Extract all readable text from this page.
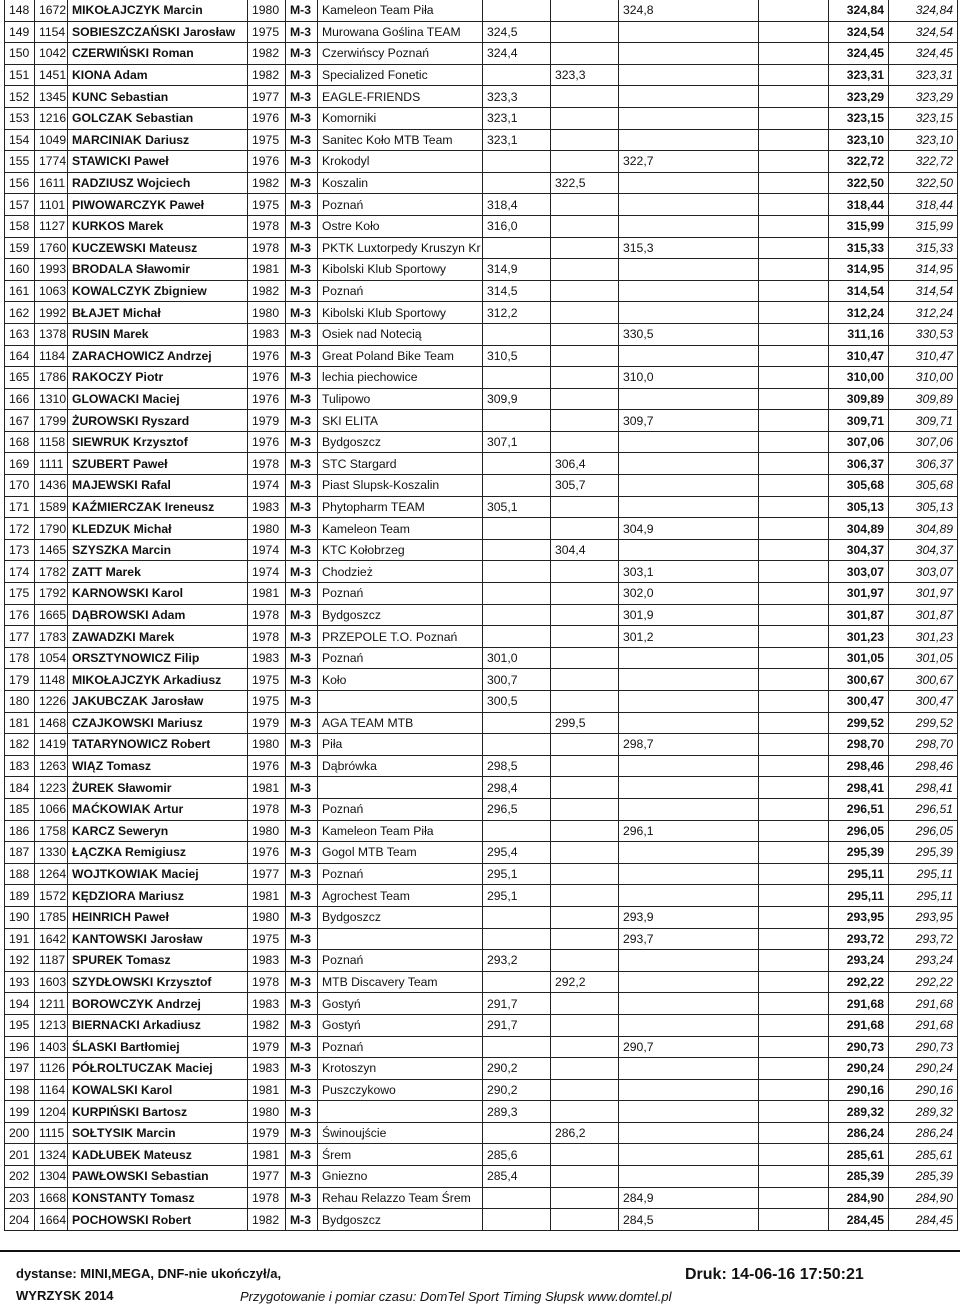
148	1672	MIKOŁAJCZYK Marcin	1980	M-3	Kameleon Team Piła			324,8		324,84	324,84
149	1154	SOBIESZCZAŃSKI Jarosław	1975	M-3	Murowana Goślina TEAM	324,5				324,54	324,54
150	1042	CZERWIŃSKI Roman	1982	M-3	Czerwińscy Poznań	324,4				324,45	324,45
151	1451	KIONA Adam	1982	M-3	Specialized Fonetic		323,3			323,31	323,31
152	1345	KUNC Sebastian	1977	M-3	EAGLE-FRIENDS	323,3				323,29	323,29
153	1216	GOLCZAK Sebastian	1976	M-3	Komorniki	323,1				323,15	323,15
154	1049	MARCINIAK Dariusz	1975	M-3	Sanitec Koło MTB Team	323,1				323,10	323,10
155	1774	STAWICKI Paweł	1976	M-3	Krokodyl			322,7		322,72	322,72
156	1611	RADZIUSZ Wojciech	1982	M-3	Koszalin		322,5			322,50	322,50
157	1101	PIWOWARCZYK Paweł	1975	M-3	Poznań	318,4				318,44	318,44
158	1127	KURKOS Marek	1978	M-3	Ostre Koło	316,0				315,99	315,99
159	1760	KUCZEWSKI Mateusz	1978	M-3	PKTK Luxtorpedy Kruszyn Kr			315,3		315,33	315,33
160	1993	BRODALA Sławomir	1981	M-3	Kibolski Klub Sportowy	314,9				314,95	314,95
161	1063	KOWALCZYK Zbigniew	1982	M-3	Poznań	314,5				314,54	314,54
162	1992	BŁAJET Michał	1980	M-3	Kibolski Klub Sportowy	312,2				312,24	312,24
163	1378	RUSIN Marek	1983	M-3	Osiek nad Notecią			330,5		311,16	330,53
164	1184	ZARACHOWICZ Andrzej	1976	M-3	Great Poland Bike Team	310,5				310,47	310,47
165	1786	RAKOCZY Piotr	1976	M-3	lechia piechowice			310,0		310,00	310,00
166	1310	GLOWACKI Maciej	1976	M-3	Tulipowo	309,9				309,89	309,89
167	1799	ŻUROWSKI Ryszard	1979	M-3	SKI ELITA			309,7		309,71	309,71
168	1158	SIEWRUK Krzysztof	1976	M-3	Bydgoszcz	307,1				307,06	307,06
169	1111	SZUBERT Paweł	1978	M-3	STC Stargard		306,4			306,37	306,37
170	1436	MAJEWSKI Rafal	1974	M-3	Piast Slupsk-Koszalin		305,7			305,68	305,68
171	1589	KAŹMIERCZAK Ireneusz	1983	M-3	Phytopharm TEAM	305,1				305,13	305,13
172	1790	KLEDZUK Michał	1980	M-3	Kameleon Team			304,9		304,89	304,89
173	1465	SZYSZKA Marcin	1974	M-3	KTC Kołobrzeg		304,4			304,37	304,37
174	1782	ZATT Marek	1974	M-3	Chodzież			303,1		303,07	303,07
175	1792	KARNOWSKI Karol	1981	M-3	Poznań			302,0		301,97	301,97
176	1665	DĄBROWSKI Adam	1978	M-3	Bydgoszcz			301,9		301,87	301,87
177	1783	ZAWADZKI Marek	1978	M-3	PRZEPOLE T.O. Poznań			301,2		301,23	301,23
178	1054	ORSZTYNOWICZ Filip	1983	M-3	Poznań	301,0				301,05	301,05
179	1148	MIKOŁAJCZYK Arkadiusz	1975	M-3	Koło	300,7				300,67	300,67
180	1226	JAKUBCZAK Jarosław	1975	M-3		300,5				300,47	300,47
181	1468	CZAJKOWSKI Mariusz	1979	M-3	AGA TEAM MTB		299,5			299,52	299,52
182	1419	TATARYNOWICZ Robert	1980	M-3	Piła			298,7		298,70	298,70
183	1263	WIĄZ Tomasz	1976	M-3	Dąbrówka	298,5				298,46	298,46
184	1223	ŻUREK Sławomir	1981	M-3		298,4				298,41	298,41
185	1066	MAĆKOWIAK Artur	1978	M-3	Poznań	296,5				296,51	296,51
186	1758	KARCZ Seweryn	1980	M-3	Kameleon Team Piła			296,1		296,05	296,05
187	1330	ŁĄCZKA Remigiusz	1976	M-3	Gogol MTB Team	295,4				295,39	295,39
188	1264	WOJTKOWIAK Maciej	1977	M-3	Poznań	295,1				295,11	295,11
189	1572	KĘDZIORA Mariusz	1981	M-3	Agrochest Team	295,1				295,11	295,11
190	1785	HEINRICH Paweł	1980	M-3	Bydgoszcz			293,9		293,95	293,95
191	1642	KANTOWSKI Jarosław	1975	M-3				293,7		293,72	293,72
192	1187	SPUREK Tomasz	1983	M-3	Poznań	293,2				293,24	293,24
193	1603	SZYDŁOWSKI Krzysztof	1978	M-3	MTB Discavery Team		292,2			292,22	292,22
194	1211	BOROWCZYK Andrzej	1983	M-3	Gostyń	291,7				291,68	291,68
195	1213	BIERNACKI Arkadiusz	1982	M-3	Gostyń	291,7				291,68	291,68
196	1403	ŚLASKI Bartłomiej	1979	M-3	Poznań			290,7		290,73	290,73
197	1126	PÓŁROLTUCZAK Maciej	1983	M-3	Krotoszyn	290,2				290,24	290,24
198	1164	KOWALSKI Karol	1981	M-3	Puszczykowo	290,2				290,16	290,16
199	1204	KURPIŃSKI Bartosz	1980	M-3		289,3				289,32	289,32
200	1115	SOŁTYSIK Marcin	1979	M-3	Świnoujście		286,2			286,24	286,24
201	1324	KADŁUBEK Mateusz	1981	M-3	Śrem	285,6				285,61	285,61
202	1304	PAWŁOWSKI Sebastian	1977	M-3	Gniezno	285,4				285,39	285,39
203	1668	KONSTANTY Tomasz	1978	M-3	Rehau Relazzo Team Śrem			284,9		284,90	284,90
204	1664	POCHOWSKI Robert	1982	M-3	Bydgoszcz			284,5		284,45	284,45
dystanse: MINI,MEGA, DNF-nie ukończył/a,
WYRZYSK 2014	Przygotowanie i pomiar czasu: DomTel Sport Timing Słupsk www.domtel.pl
Druk: 14-06-16 17:50:21
